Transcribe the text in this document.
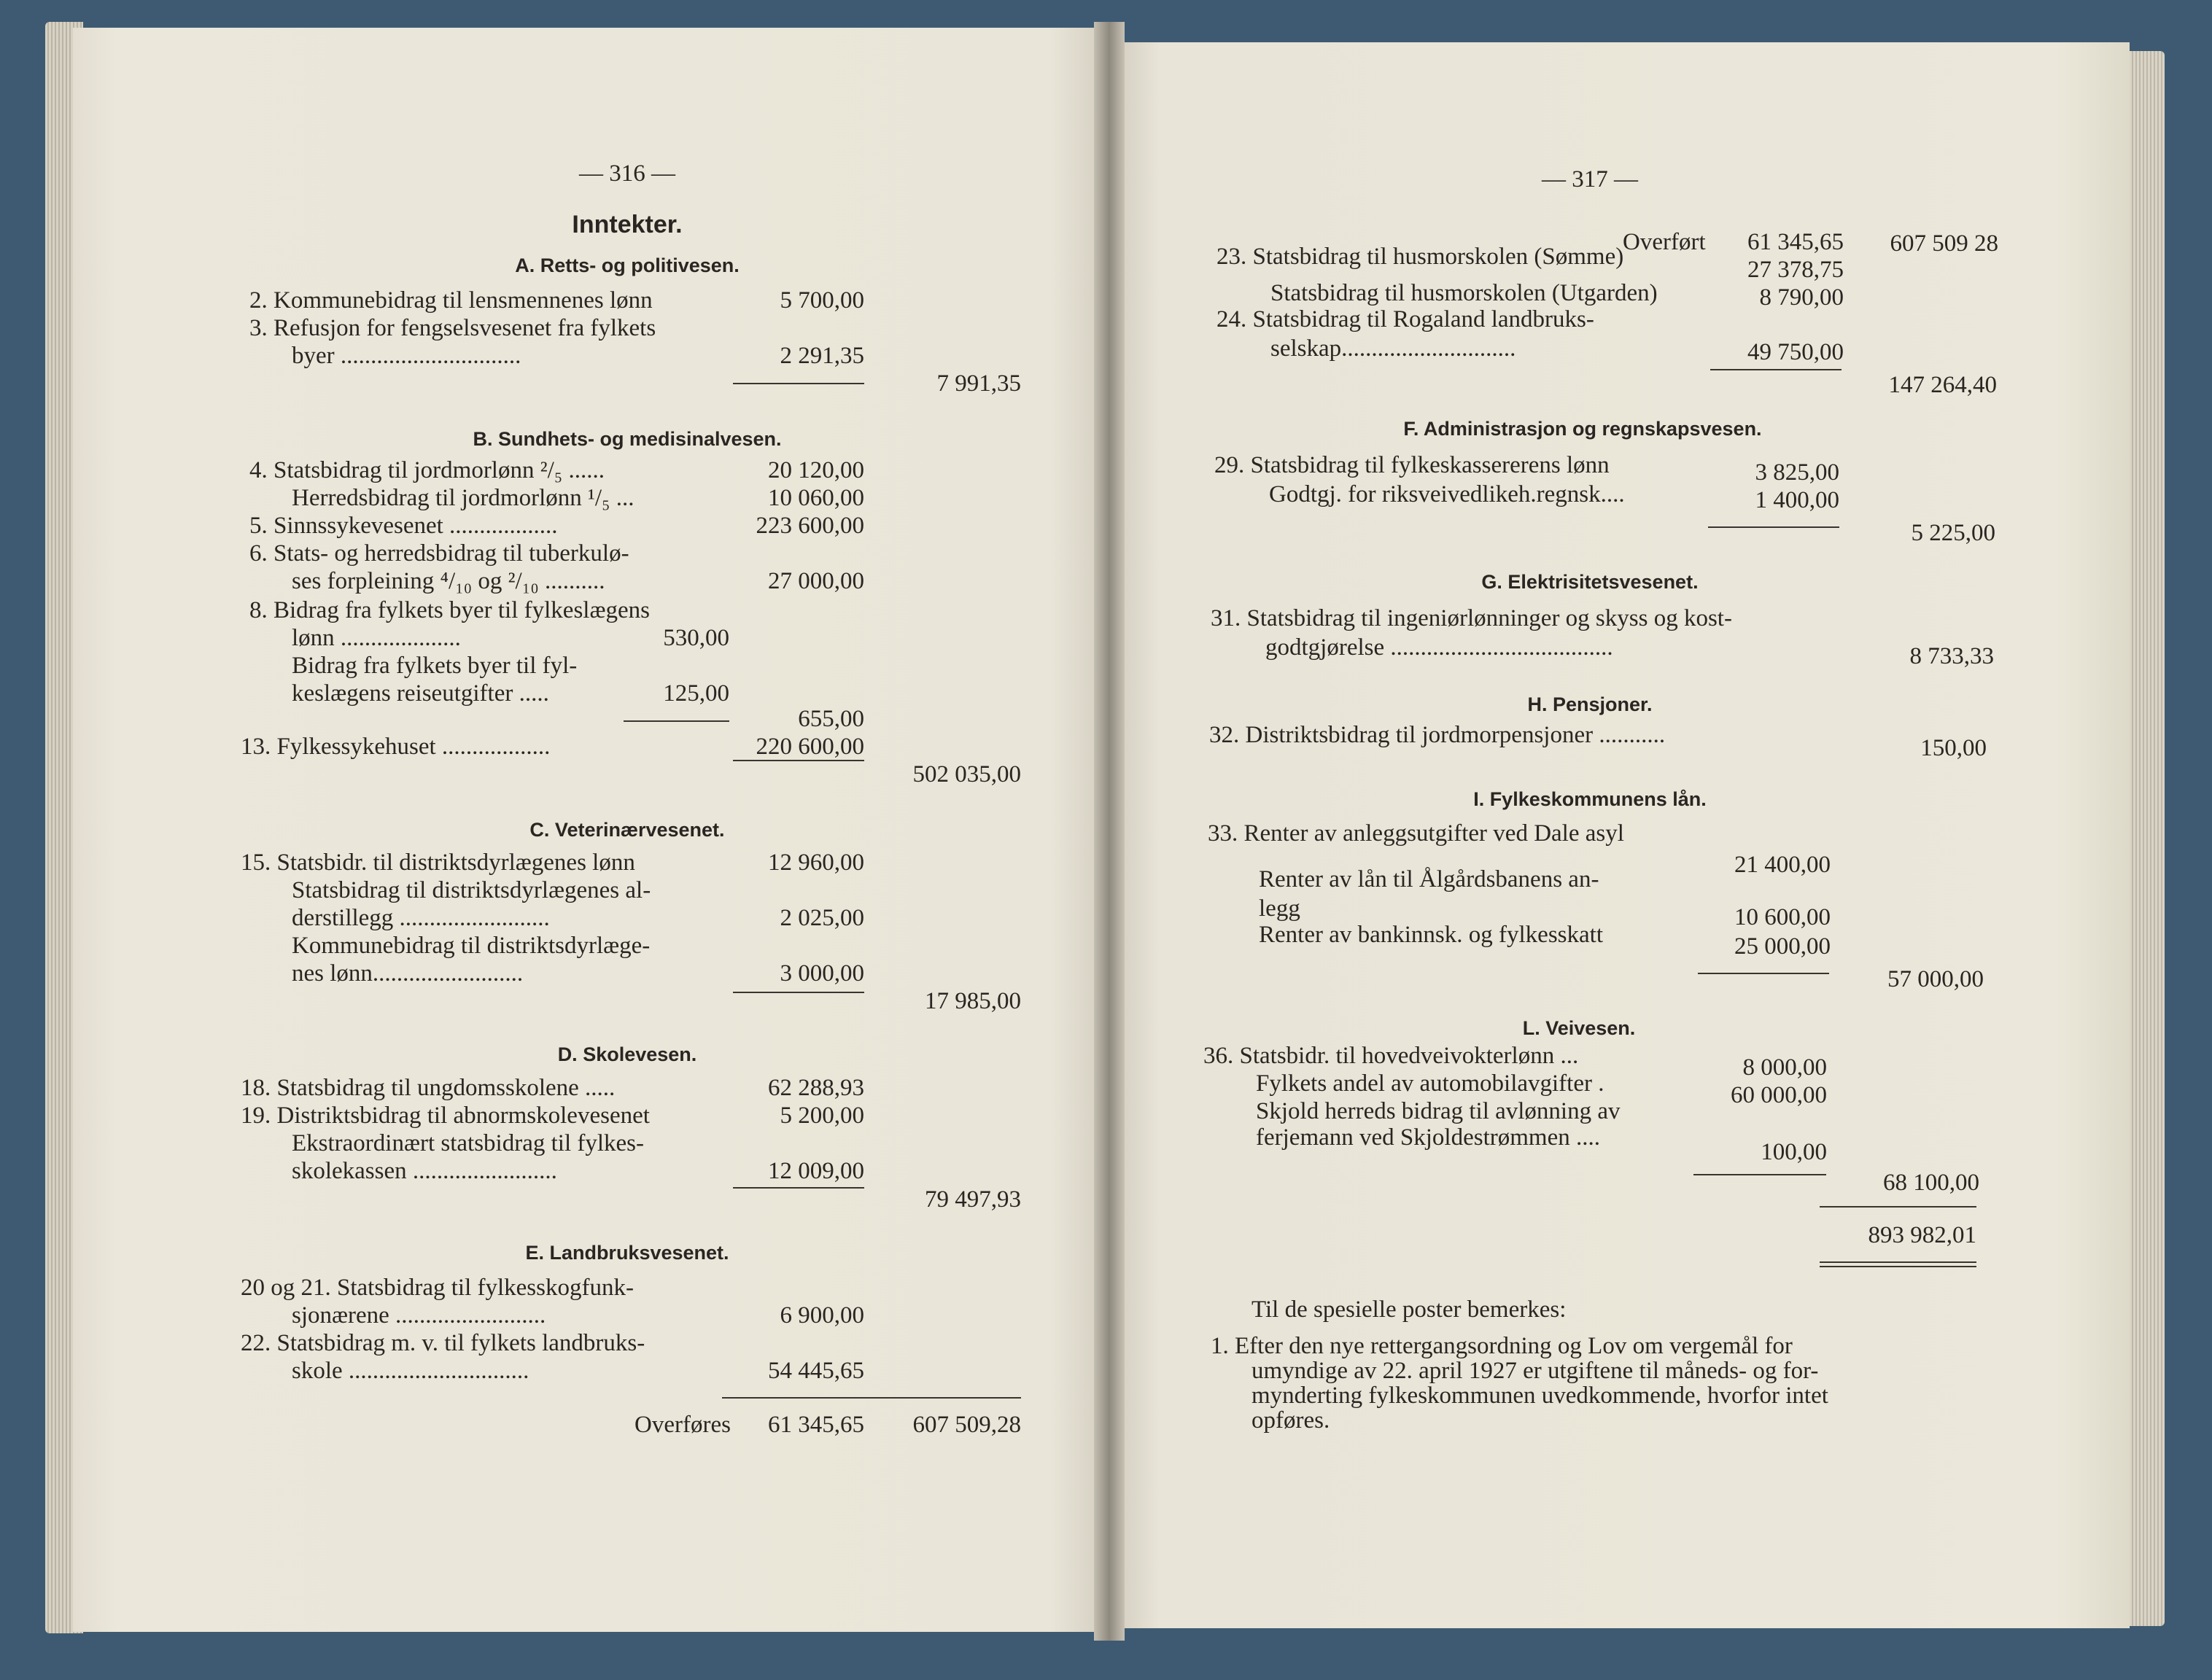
— 316 —
Inntekter.
A. Retts- og politivesen.
2. Kommunebidrag til lensmennenes lønn	5 700,00
3. Refusjon for fengselsvesenet fra fylkets
byer ..............................	2 291,35
7 991,35
B. Sundhets- og medisinalvesen.
4. Statsbidrag til jordmorlønn ²/₅ ......	20 120,00
Herredsbidrag til jordmorlønn ¹/₅ ...	10 060,00
5. Sinnssykevesenet ..................	223 600,00
6. Stats- og herredsbidrag til tuberkulø-
ses forpleining ⁴/₁₀ og ²/₁₀ ..........	27 000,00
8. Bidrag fra fylkets byer til fylkeslægens
lønn ....................	530,00
Bidrag fra fylkets byer til fyl-
keslægens reiseutgifter .....	125,00
655,00
13. Fylkessykehuset ..................	220 600,00
502 035,00
C. Veterinærvesenet.
15. Statsbidr. til distriktsdyrlægenes lønn	12 960,00
Statsbidrag til distriktsdyrlægenes al-
derstillegg .........................	2 025,00
Kommunebidrag til distriktsdyrlæge-
nes lønn.........................	3 000,00
17 985,00
D. Skolevesen.
18. Statsbidrag til ungdomsskolene .....	62 288,93
19. Distriktsbidrag til abnormskolevesenet	5 200,00
Ekstraordinært statsbidrag til fylkes-
skolekassen ........................	12 009,00
79 497,93
E. Landbruksvesenet.
20 og 21. Statsbidrag til fylkesskogfunk-
sjonærene .........................	6 900,00
22. Statsbidrag m. v. til fylkets landbruks-
skole ..............................	54 445,65
Overføres	61 345,65	607 509,28
— 317 —
Overført	61 345,65	607 509 28
23. Statsbidrag til husmorskolen (Sømme)	27 378,75
Statsbidrag til husmorskolen (Utgarden)	8 790,00
24. Statsbidrag til Rogaland landbruks-
selskap.............................	49 750,00
147 264,40
F. Administrasjon og regnskapsvesen.
29. Statsbidrag til fylkeskassererens lønn	3 825,00
Godtgj. for riksveivedlikeh.regnsk....	1 400,00
5 225,00
G. Elektrisitetsvesenet.
31. Statsbidrag til ingeniørlønninger og skyss og kost-
godtgjørelse .....................................	8 733,33
H. Pensjoner.
32. Distriktsbidrag til jordmorpensjoner ...........	150,00
I. Fylkeskommunens lån.
33. Renter av anleggsutgifter ved Dale asyl
21 400,00
Renter av lån til Ålgårdsbanens an-
legg	10 600,00
Renter av bankinnsk. og fylkesskatt	25 000,00
57 000,00
L. Veivesen.
36. Statsbidr. til hovedveivokterlønn ...	8 000,00
Fylkets andel av automobilavgifter .	60 000,00
Skjold herreds bidrag til avlønning av
ferjemann ved Skjoldestrømmen ....
100,00
68 100,00
893 982,01
Til de spesielle poster bemerkes:
1. Efter den nye rettergangsordning og Lov om vergemål for
umyndige av 22. april 1927 er utgiftene til måneds- og for-
mynderting fylkeskommunen uvedkommende, hvorfor intet
opføres.
